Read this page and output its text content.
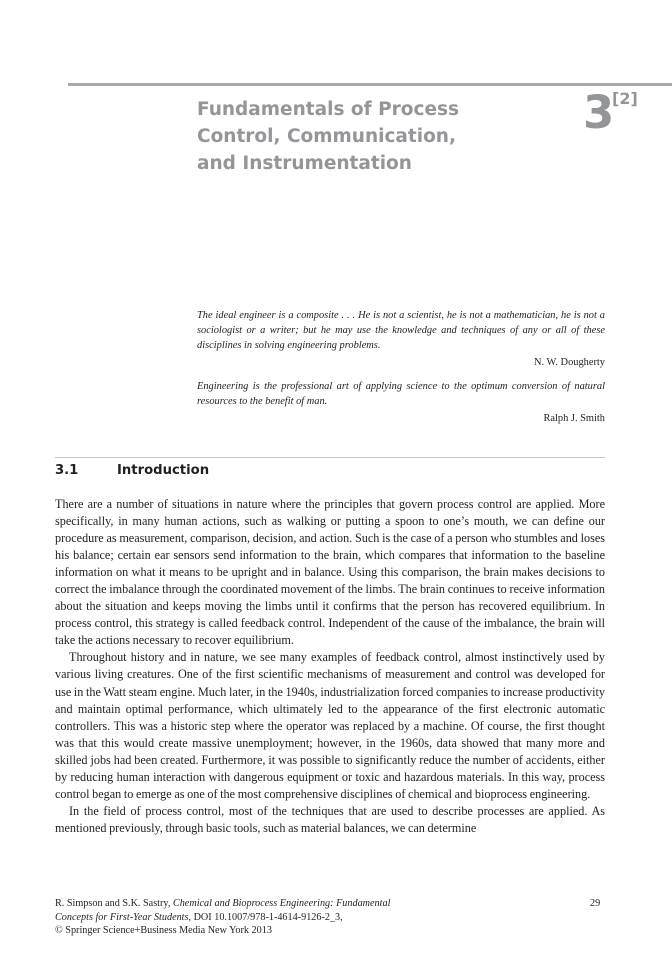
Fundamentals of Process
Control, Communication,
and Instrumentation
3
[2]

The ideal engineer is a composite . . . He is not a scientist, he is not a mathematician, he is not a sociologist or a writer; but he may use the knowledge and techniques of any or all of these disciplines in solving engineering problems.

N. W. Dougherty

Engineering is the professional art of applying science to the optimum conversion of natural resources to the benefit of man.

Ralph J. Smith

3.1	Introduction

There are a number of situations in nature where the principles that govern process control are applied. More specifically, in many human actions, such as walking or putting a spoon to one’s mouth, we can define our procedure as measurement, comparison, decision, and action. Such is the case of a person who stumbles and loses his balance; certain ear sensors send information to the brain, which compares that information to the baseline information on what it means to be upright and in balance. Using this comparison, the brain makes decisions to correct the imbalance through the coordinated movement of the limbs. The brain continues to receive information about the situation and keeps moving the limbs until it confirms that the person has recovered equilibrium. In process control, this strategy is called feedback control. Independent of the cause of the imbalance, the brain will take the actions necessary to recover equilibrium.

Throughout history and in nature, we see many examples of feedback control, almost instinctively used by various living creatures. One of the first scientific mechanisms of measurement and control was developed for use in the Watt steam engine. Much later, in the 1940s, industrialization forced companies to increase productivity and maintain optimal performance, which ultimately led to the appearance of the first electronic automatic controllers. This was a historic step where the operator was replaced by a machine. Of course, the first thought was that this would create massive unemployment; however, in the 1960s, data showed that many more and skilled jobs had been created. Furthermore, it was possible to significantly reduce the number of accidents, either by reducing human interaction with dangerous equipment or toxic and hazardous materials. In this way, process control began to emerge as one of the most comprehensive disciplines of chemical and bioprocess engineering.

In the field of process control, most of the techniques that are used to describe processes are applied. As mentioned previously, through basic tools, such as material balances, we can determine

R. Simpson and S.K. Sastry, Chemical and Bioprocess Engineering: Fundamental
Concepts for First-Year Students, DOI 10.1007/978-1-4614-9126-2_3,
© Springer Science+Business Media New York 2013
29
